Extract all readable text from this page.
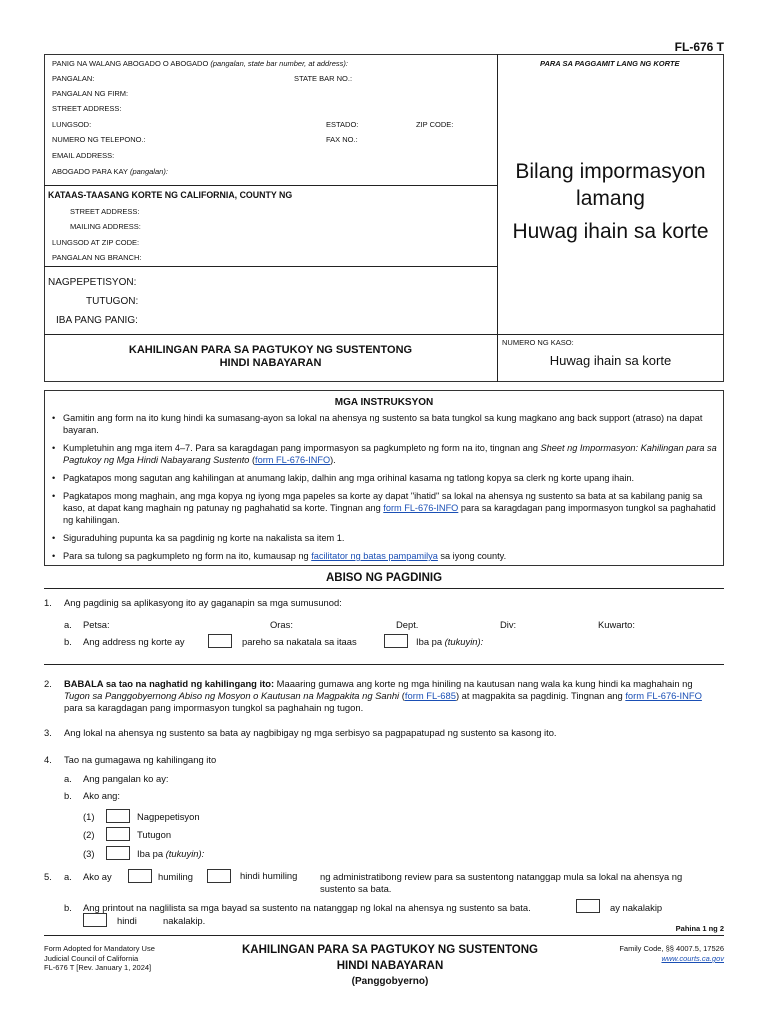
FL-676 T
PANIG NA WALANG ABOGADO O ABOGADO (pangalan, state bar number, at address):	PARA SA PAGGAMIT LANG NG KORTE
PANGALAN:	STATE BAR NO.:
PANGALAN NG FIRM:
STREET ADDRESS:
LUNGSOD:	ESTADO:	ZIP CODE:
NUMERO NG TELEPONO.:	FAX NO.:
EMAIL ADDRESS:
ABOGADO PARA KAY (pangalan):
KATAAS-TAASANG KORTE NG CALIFORNIA, COUNTY NG
STREET ADDRESS:
MAILING ADDRESS:
LUNGSOD AT ZIP CODE:
PANGALAN NG BRANCH:
NAGPEPETISYON:
TUTUGON:
IBA PANG PANIG:
Bilang impormasyon
lamang
Huwag ihain sa korte
KAHILINGAN PARA SA PAGTUKOY NG SUSTENTONG
HINDI NABAYARAN
NUMERO NG KASO:
Huwag ihain sa korte
MGA INSTRUKSYON
• Gamitin ang form na ito kung hindi ka sumasang-ayon sa lokal na ahensya ng sustento sa bata tungkol sa kung magkano ang back support (atraso) na dapat bayaran.
• Kumpletuhin ang mga item 4–7. Para sa karagdagan pang impormasyon sa pagkumpleto ng form na ito, tingnan ang Sheet ng Impormasyon: Kahilingan para sa Pagtukoy ng Mga Hindi Nabayarang Sustento (form FL-676-INFO).
• Pagkatapos mong sagutan ang kahilingan at anumang lakip, dalhin ang mga orihinal kasama ng tatlong kopya sa clerk ng korte upang ihain.
• Pagkatapos mong maghain, ang mga kopya ng iyong mga papeles sa korte ay dapat "ihatid" sa lokal na ahensya ng sustento sa bata at sa kabilang panig sa kaso, at dapat kang maghain ng patunay ng paghahatid sa korte. Tingnan ang form FL-676-INFO para sa karagdagan pang impormasyon tungkol sa paghahatid ng kahilingan.
• Siguraduhing pupunta ka sa pagdinig ng korte na nakalista sa item 1.
• Para sa tulong sa pagkumpleto ng form na ito, kumausap ng facilitator ng batas pampamilya sa iyong county.
ABISO NG PAGDINIG
1. Ang pagdinig sa aplikasyong ito ay gaganapin sa mga sumusunod:
a. Petsa:	Oras:	Dept.	Div:	Kuwarto:
b. Ang address ng korte ay	pareho sa nakatala sa itaas	Iba pa (tukuyin):
2. BABALA sa tao na naghatid ng kahilingang ito: Maaaring gumawa ang korte ng mga hiniling na kautusan nang wala ka kung hindi ka maghahain ng Tugon sa Panggobyernong Abiso ng Mosyon o Kautusan na Magpakita ng Sanhi (form FL-685) at magpakita sa pagdinig. Tingnan ang form FL-676-INFO para sa karagdagan pang impormasyon tungkol sa paghahain ng tugon.
3. Ang lokal na ahensya ng sustento sa bata ay nagbibigay ng mga serbisyo sa pagpapatupad ng sustento sa kasong ito.
4. Tao na gumagawa ng kahilingang ito
a. Ang pangalan ko ay:
b. Ako ang:
(1)	Nagpepetisyon
(2)	Tutugon
(3)	Iba pa (tukuyin):
5. a. Ako ay	humiling	hindi humiling ng administratibong review para sa sustentong natanggap mula sa lokal na ahensya ng sustento sa bata.
b. Ang printout na naglilista sa mga bayad sa sustento na natanggap ng lokal na ahensya ng sustento sa bata.	ay nakalakip
hindi	nakalakip.
Pahina 1 ng 2
Form Adopted for Mandatory Use
Judicial Council of California
FL-676 T [Rev. January 1, 2024]
KAHILINGAN PARA SA PAGTUKOY NG SUSTENTONG
HINDI NABAYARAN
(Panggobyerno)
Family Code, §§ 4007.5, 17526
www.courts.ca.gov
